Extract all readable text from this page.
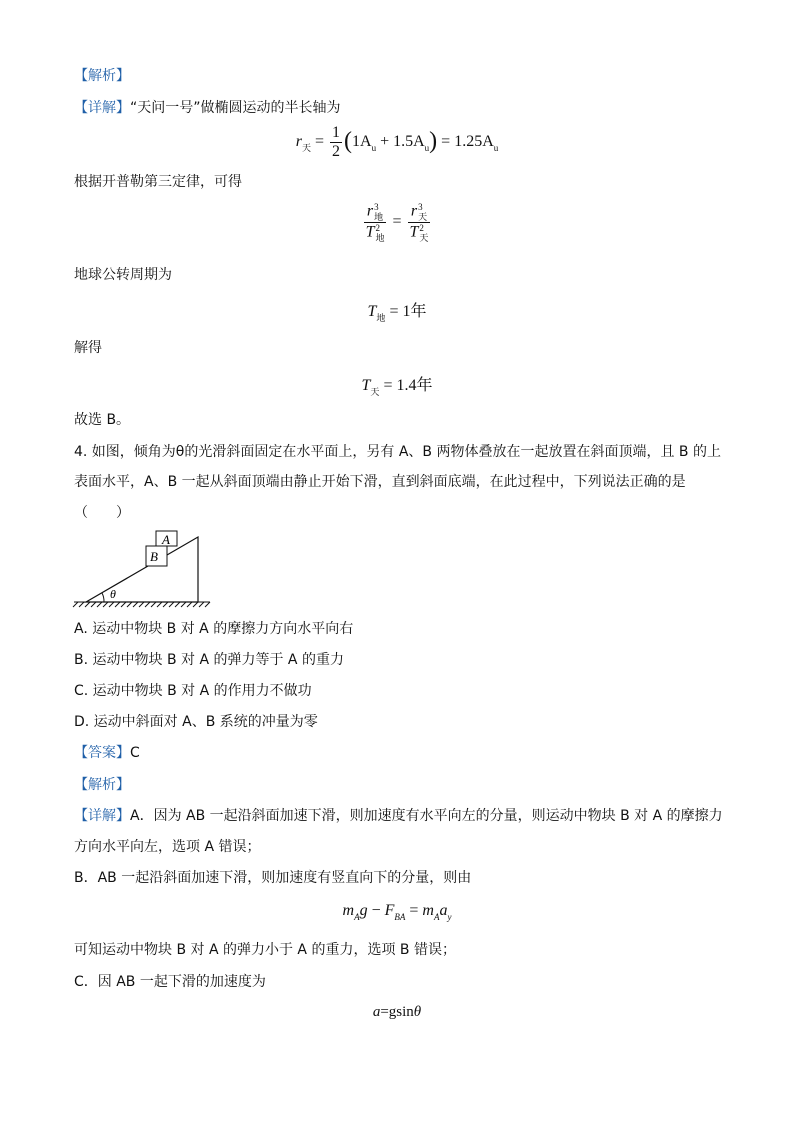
【解析】
【详解】“天问一号”做椭圆运动的半长轴为
$r_天 = \frac{1}{2} (1A_u + 1.5A_u) = 1.25A_u$
根据开普勒第三定律，可得
r 3
地
T 2
地 = r 3
天
T 2
天
地球公转周期为
$T_地 = 1$年
解得
$T_天 = 1.4$年
故选 B。
4. 如图，倾角为θ的光滑斜面固定在水平面上，另有 A、B 两物体叠放在一起放置在斜面顶端，且 B 的上
表面水平，A、B 一起从斜面顶端由静止开始下滑，直到斜面底端，在此过程中，下列说法正确的是
（　　）
A
B
θ
A. 运动中物块 B 对 A 的摩擦力方向水平向右
B. 运动中物块 B 对 A 的弹力等于 A 的重力
C. 运动中物块 B 对 A 的作用力不做功
D. 运动中斜面对 A、B 系统的冲量为零
【答案】C
【解析】
【详解】A．因为 AB 一起沿斜面加速下滑，则加速度有水平向左的分量，则运动中物块 B 对 A 的摩擦力
方向水平向左，选项 A 错误；
B．AB 一起沿斜面加速下滑，则加速度有竖直向下的分量，则由
$m_Ag - F_{BA} = m_Aa_y$
可知运动中物块 B 对 A 的弹力小于 A 的重力，选项 B 错误；
C．因 AB 一起下滑的加速度为
a=gsinθ
